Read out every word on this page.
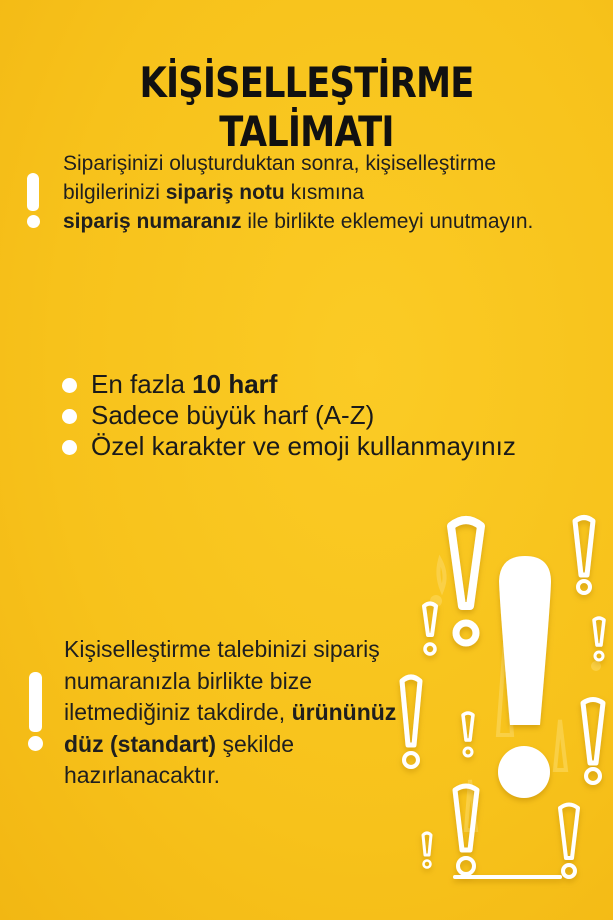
KİŞİSELLEŞTİRME TALİMATI
Siparişinizi oluşturduktan sonra, kişiselleştirme bilgilerinizi sipariş notu kısmına
sipariş numaranız ile birlikte eklemeyi unutmayın.
En fazla 10 harf
Sadece büyük harf (A-Z)
Özel karakter ve emoji kullanmayınız
Kişiselleştirme talebinizi sipariş numaranızla birlikte bize iletmediğiniz takdirde, ürününüz düz (standart) şekilde hazırlanacaktır.
